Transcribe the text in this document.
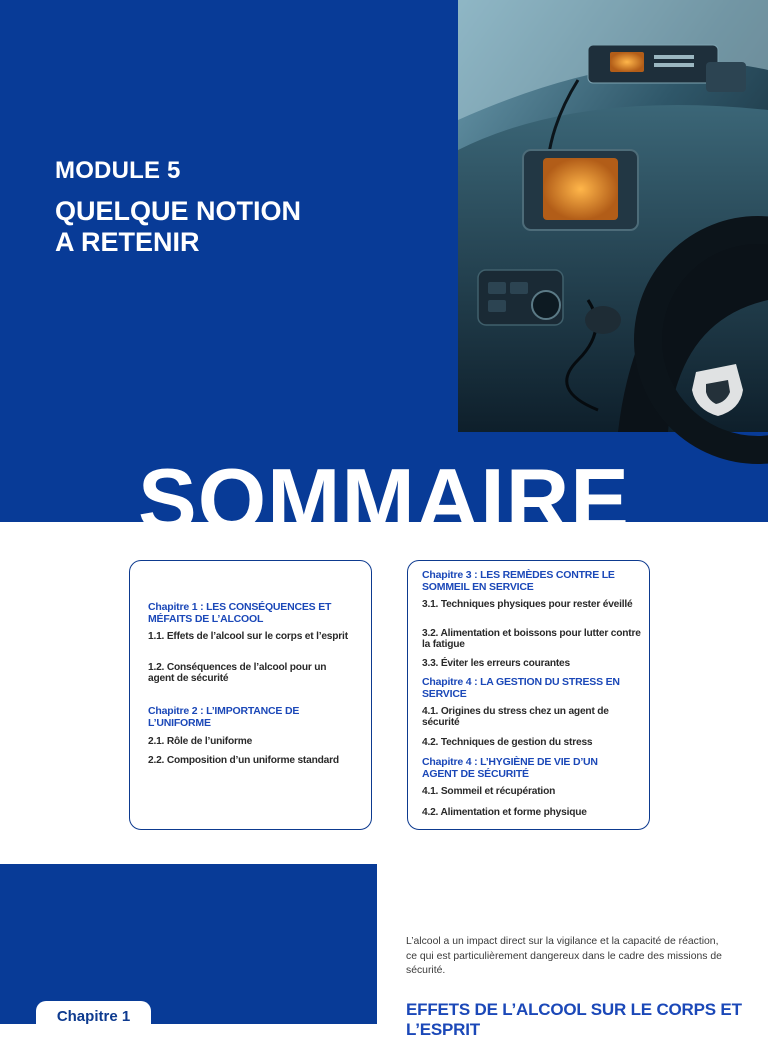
MODULE 5
QUELQUE NOTION
A RETENIR
SOMMAIRE
Chapitre 1 : LES CONSÉQUENCES ET MÉFAITS DE L’ALCOOL
1.1. Effets de l’alcool sur le corps et l’esprit
1.2. Conséquences de l’alcool pour un agent de sécurité
Chapitre 2 : L’IMPORTANCE DE L’UNIFORME
2.1. Rôle de l’uniforme
2.2. Composition d’un uniforme standard
Chapitre 3 : LES REMÈDES CONTRE LE SOMMEIL EN SERVICE
3.1. Techniques physiques pour rester éveillé
3.2. Alimentation et boissons pour lutter contre la fatigue
3.3. Éviter les erreurs courantes
Chapitre 4 : LA GESTION DU STRESS EN SERVICE
4.1. Origines du stress chez un agent de sécurité
4.2. Techniques de gestion du stress
Chapitre 4 : L’HYGIÈNE DE VIE D’UN AGENT DE SÉCURITÉ
4.1. Sommeil et récupération
4.2. Alimentation et forme physique
Chapitre 1
L’alcool a un impact direct sur la vigilance et la capacité de réaction, ce qui est particulièrement dangereux dans le cadre des missions de sécurité.
EFFETS DE L’ALCOOL SUR LE CORPS ET L’ESPRIT
